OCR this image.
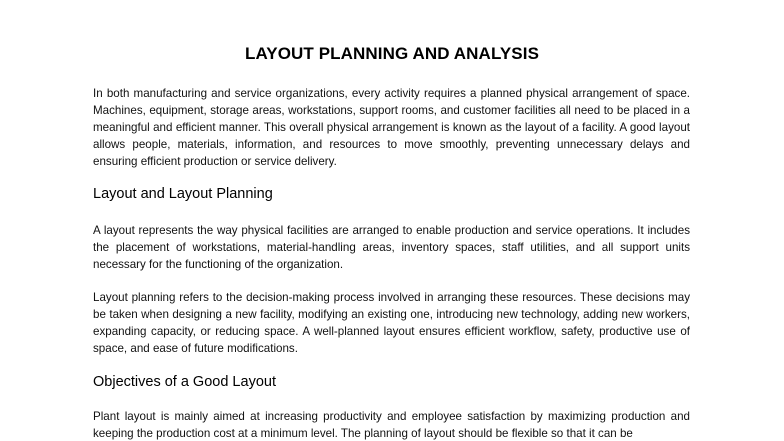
LAYOUT PLANNING AND ANALYSIS

In both manufacturing and service organizations, every activity requires a planned physical arrangement of space. Machines, equipment, storage areas, workstations, support rooms, and customer facilities all need to be placed in a meaningful and efficient manner. This overall physical arrangement is known as the layout of a facility. A good layout allows people, materials, information, and resources to move smoothly, preventing unnecessary delays and ensuring efficient production or service delivery.

Layout and Layout Planning

A layout represents the way physical facilities are arranged to enable production and service operations. It includes the placement of workstations, material-handling areas, inventory spaces, staff utilities, and all support units necessary for the functioning of the organization.

Layout planning refers to the decision-making process involved in arranging these resources. These decisions may be taken when designing a new facility, modifying an existing one, introducing new technology, adding new workers, expanding capacity, or reducing space. A well-planned layout ensures efficient workflow, safety, productive use of space, and ease of future modifications.

Objectives of a Good Layout

Plant layout is mainly aimed at increasing productivity and employee satisfaction by maximizing production and keeping the production cost at a minimum level. The planning of layout should be flexible so that it can be
